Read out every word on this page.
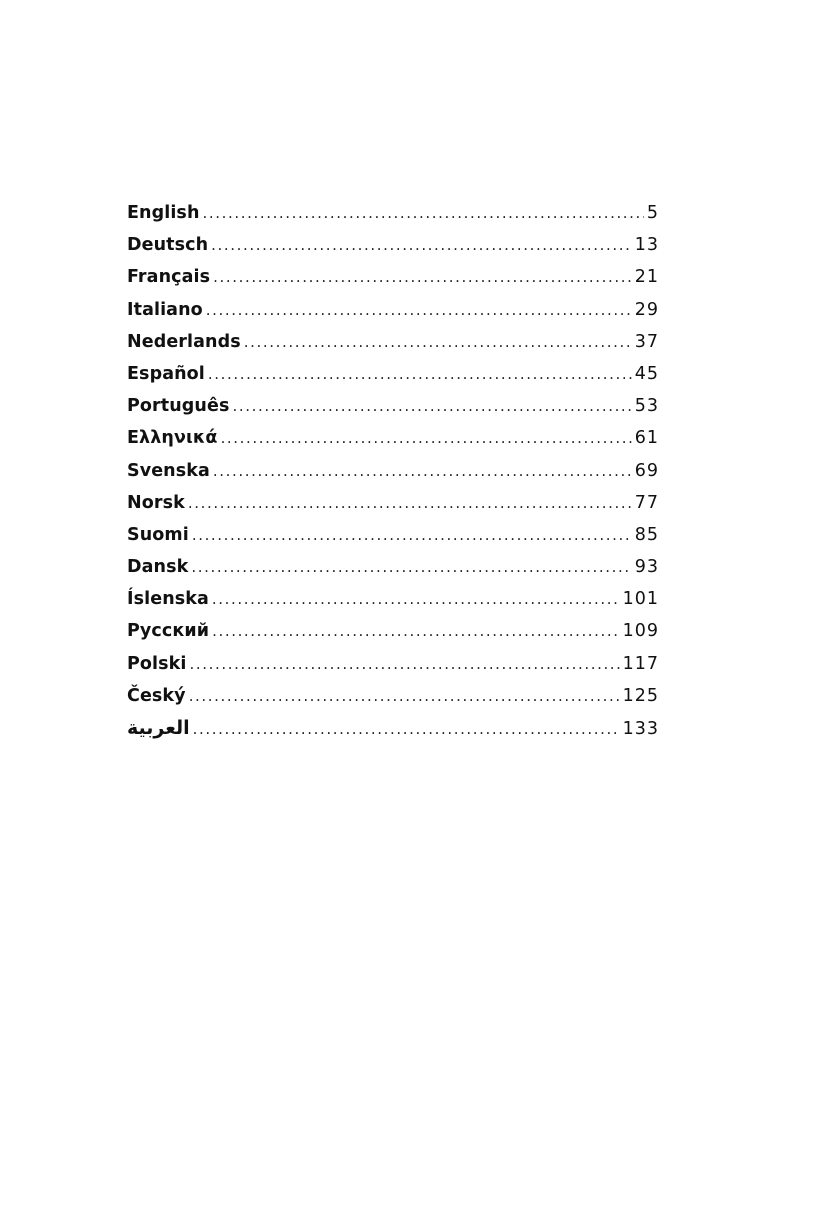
English .....	5
Deutsch .....	13
Français .....	21
Italiano .....	29
Nederlands .....	37
Español .....	45
Português .....	53
Ελληνικά .....	61
Svenska .....	69
Norsk .....	77
Suomi .....	85
Dansk .....	93
Íslenska .....	101
Русский .....	109
Polski .....	117
Český .....	125
العربية .....	133
